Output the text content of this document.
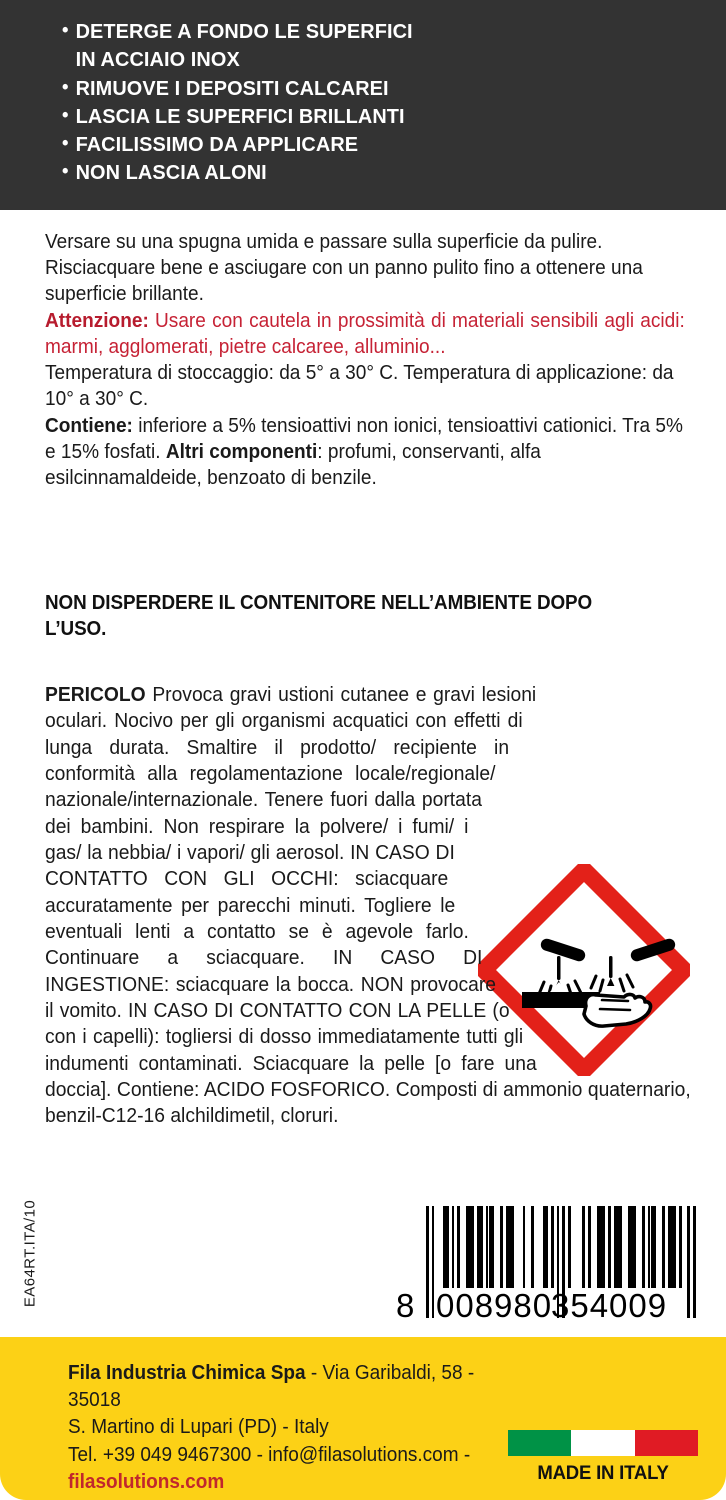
• DETERGE A FONDO LE SUPERFICI
IN ACCIAIO INOX
• RIMUOVE I DEPOSITI CALCAREI
• LASCIA LE SUPERFICI BRILLANTI
• FACILISSIMO DA APPLICARE
• NON LASCIA ALONI
Versare su una spugna umida e passare sulla superficie da pulire. Risciacquare bene e asciugare con un panno pulito fino a ottenere una superficie brillante.
Attenzione: Usare con cautela in prossimità di materiali sensibili agli acidi: marmi, agglomerati, pietre calcaree, alluminio...
Temperatura di stoccaggio: da 5° a 30° C. Temperatura di applicazione: da 10° a 30° C.
Contiene: inferiore a 5% tensioattivi non ionici, tensioattivi cationici. Tra 5% e 15% fosfati. Altri componenti: profumi, conservanti, alfa esilcinnamaldeide, benzoato di benzile.
NON DISPERDERE IL CONTENITORE NELL’AMBIENTE DOPO L’USO.
PERICOLO Provoca gravi ustioni cutanee e gravi lesioni oculari. Nocivo per gli organismi acquatici con effetti di lunga durata. Smaltire il prodotto/ recipiente in conformità alla regolamentazione locale/regionale/ nazionale/internazionale. Tenere fuori dalla portata dei bambini. Non respirare la polvere/ i fumi/ i gas/ la nebbia/ i vapori/ gli aerosol. IN CASO DI CONTATTO CON GLI OCCHI: sciacquare accuratamente per parecchi minuti. Togliere le eventuali lenti a contatto se è agevole farlo. Continuare a sciacquare. IN CASO DI INGESTIONE: sciacquare la bocca. NON provocare il vomito. IN CASO DI CONTATTO CON LA PELLE (o con i capelli): togliersi di dosso immediatamente tutti gli indumenti contaminati. Sciacquare la pelle [o fare una doccia]. Contiene: ACIDO FOSFORICO. Composti di ammonio quaternario, benzil-C12-16 alchildimetil, cloruri.
EA64RT.ITA/10	8 008980
354009
Fila Industria Chimica Spa - Via Garibaldi, 58 - 35018
S. Martino di Lupari (PD) - Italy
Tel. +39 049 9467300 - info@filasolutions.com -
filasolutions.com	MADE IN ITALY
